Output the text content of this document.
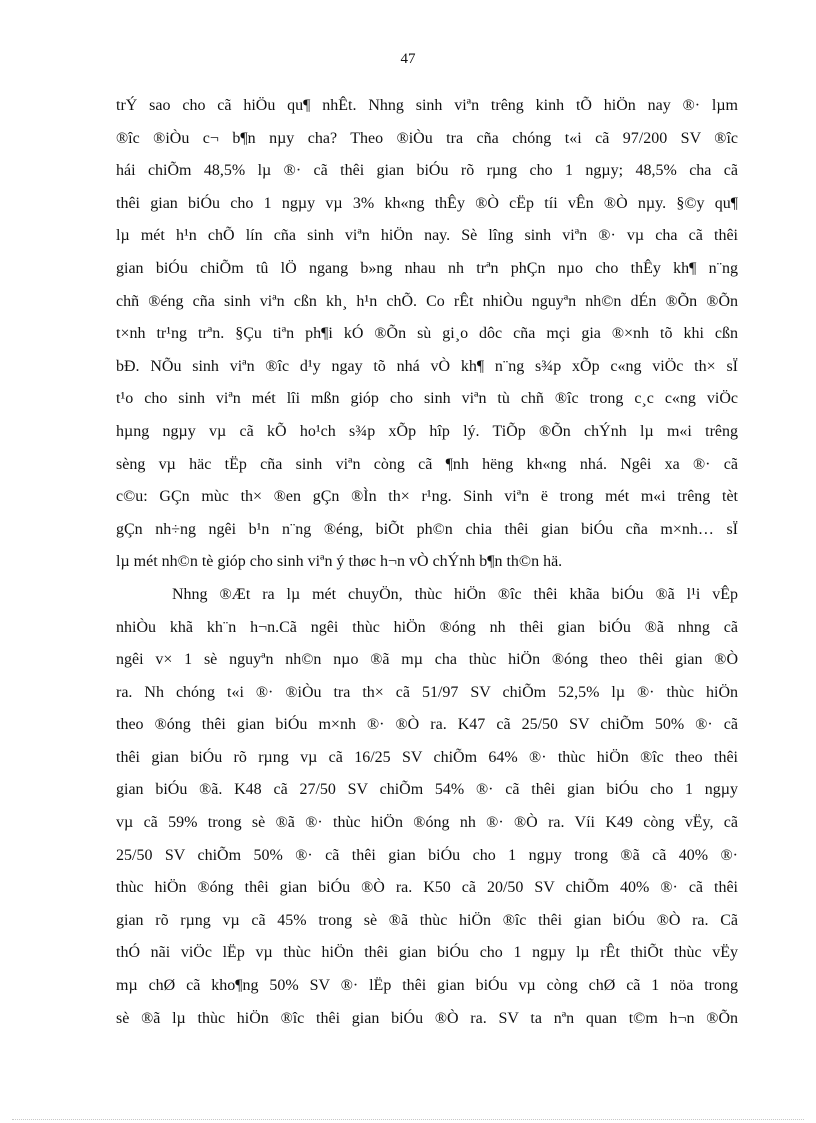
47
trÝ sao cho cã hiÖu qu¶ nhÊt. Nhng sinh viªn trêng kinh tÕ hiÖn nay ®· lµm
®îc ®iÒu c¬ b¶n nµy cha? Theo ®iÒu tra cña chóng t«i cã 97/200 SV ®îc
hái chiÕm 48,5% lµ ®· cã thêi gian biÓu rõ rµng cho 1 ngµy; 48,5% cha cã
thêi gian biÓu cho 1 ngµy vµ 3% kh«ng thÊy ®Ò cËp tíi vÊn ®Ò nµy. §©y qu¶
lµ mét h¹n chÕ lín cña sinh viªn hiÖn nay. Sè lîng sinh viªn ®· vµ cha cã thêi
gian biÓu chiÕm tû lÖ ngang b»ng nhau nh trªn phÇn nµo cho thÊy kh¶ n¨ng
chñ ®éng cña sinh viªn cßn kh¸ h¹n chÕ. Co rÊt nhiÒu nguyªn nh©n dÉn ®Õn ®Õn
t×nh tr¹ng trªn. §Çu tiªn ph¶i kÓ ®Õn sù gi¸o dôc cña mçi gia ®×nh tõ khi cßn
bÐ. NÕu sinh viªn ®îc d¹y ngay tõ nhá vÒ kh¶ n¨ng s¾p xÕp c«ng viÖc th× sÏ
t¹o cho sinh viªn mét lîi mßn gióp cho sinh viªn tù chñ ®îc trong c¸c c«ng viÖc
hµng ngµy vµ cã kÕ ho¹ch s¾p xÕp hîp lý. TiÕp ®Õn chÝnh lµ m«i trêng
sèng vµ häc tËp cña sinh viªn còng cã ¶nh hëng kh«ng nhá. Ngêi xa ®· cã
c©u: GÇn mùc th× ®en gÇn ®Ìn th× r¹ng. Sinh viªn ë trong mét m«i trêng tèt
gÇn nh÷ng ngêi b¹n n¨ng ®éng, biÕt ph©n chia thêi gian biÓu cña m×nh… sÏ
lµ mét nh©n tè gióp cho sinh viªn ý thøc h¬n vÒ chÝnh b¶n th©n hä.
Nhng ®Æt ra lµ mét chuyÖn, thùc hiÖn ®îc thêi khãa biÓu ®ã l¹i vÊp
nhiÒu khã kh¨n h¬n.Cã ngêi thùc hiÖn ®óng nh thêi gian biÓu ®ã nhng cã
ngêi v× 1 sè nguyªn nh©n nµo ®ã mµ cha thùc hiÖn ®óng theo thêi gian ®Ò
ra. Nh chóng t«i ®· ®iÒu tra th× cã 51/97 SV chiÕm 52,5% lµ ®· thùc hiÖn
theo ®óng thêi gian biÓu m×nh ®· ®Ò ra. K47 cã 25/50 SV chiÕm 50% ®· cã
thêi gian biÓu rõ rµng vµ cã 16/25 SV chiÕm 64% ®· thùc hiÖn ®îc theo thêi
gian biÓu ®ã. K48 cã 27/50 SV chiÕm 54% ®· cã thêi gian biÓu cho 1 ngµy
vµ cã 59% trong sè ®ã ®· thùc hiÖn ®óng nh ®· ®Ò ra. Víi K49 còng vËy, cã
25/50 SV chiÕm 50% ®· cã thêi gian biÓu cho 1 ngµy trong ®ã cã 40% ®·
thùc hiÖn ®óng thêi gian biÓu ®Ò ra. K50 cã 20/50 SV chiÕm 40% ®· cã thêi
gian rõ rµng vµ cã 45% trong sè ®ã thùc hiÖn ®îc thêi gian biÓu ®Ò ra. Cã
thÓ nãi viÖc lËp vµ thùc hiÖn thêi gian biÓu cho 1 ngµy lµ rÊt thiÕt thùc vËy
mµ chØ cã kho¶ng 50% SV ®· lËp thêi gian biÓu vµ còng chØ cã 1 nöa trong
sè ®ã lµ thùc hiÖn ®îc thêi gian biÓu ®Ò ra. SV ta nªn quan t©m h¬n ®Õn
